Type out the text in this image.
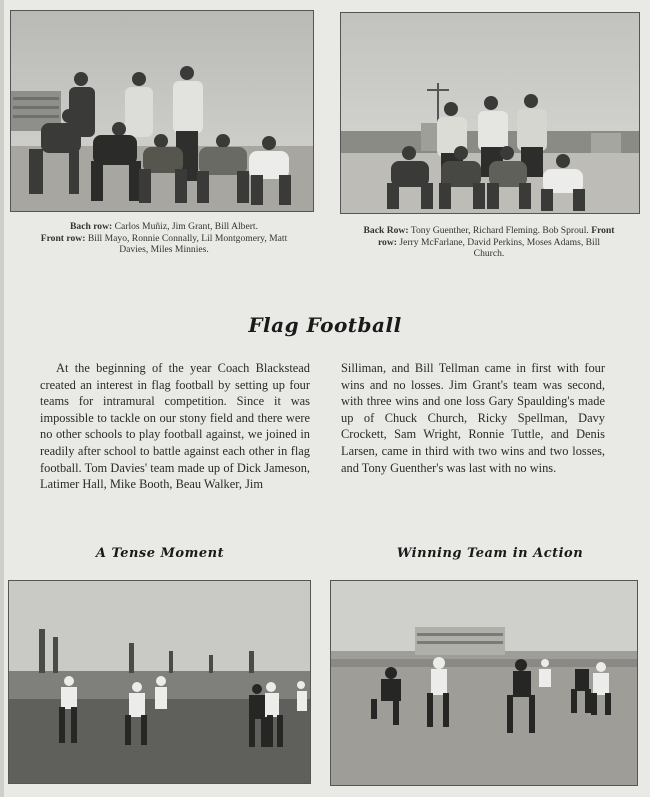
Bach row: Carlos Muñiz, Jim Grant, Bill Albert.
Front row: Bill Mayo, Ronnie Connally, Lil Montgomery, Matt Davies, Miles Minnies.
Back Row: Tony Guenther, Richard Fleming. Bob Sproul. Front row: Jerry McFarlane, David Perkins, Moses Adams, Bill Church.
Flag Football
At the beginning of the year Coach Blackstead created an interest in flag football by setting up four teams for intramural competition. Since it was impossible to tackle on our stony field and there were no other schools to play football against, we joined in readily after school to battle against each other in flag football. Tom Davies' team made up of Dick Jameson, Latimer Hall, Mike Booth, Beau Walker, Jim
Silliman, and Bill Tellman came in first with four wins and no losses. Jim Grant's team was second, with three wins and one loss Gary Spaulding's made up of Chuck Church, Ricky Spellman, Davy Crockett, Sam Wright, Ronnie Tuttle, and Denis Larsen, came in third with two wins and two losses, and Tony Guenther's was last with no wins.
A Tense Moment	Winning Team in Action
